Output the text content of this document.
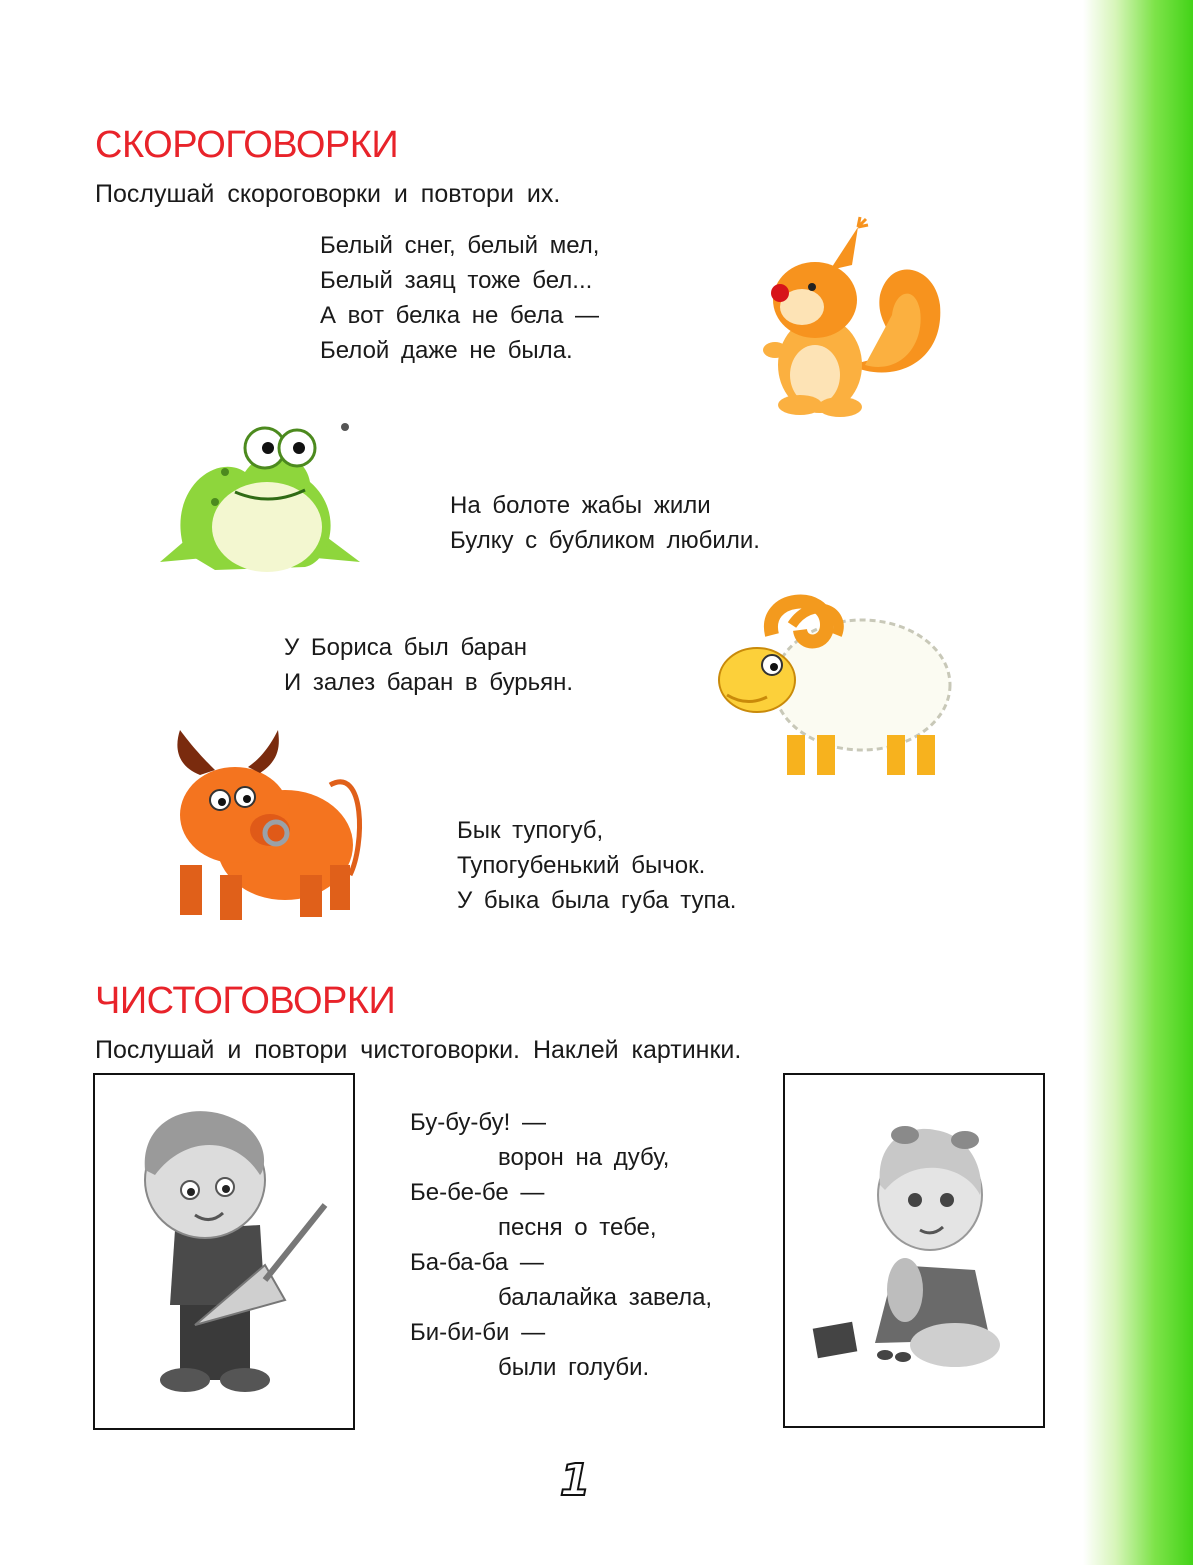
СКОРОГОВОРКИ

Послушай скороговорки и повтори их.

Белый снег, белый мел,
Белый заяц тоже бел...
А вот белка не бела —
Белой даже не была.
На болоте жабы жили
Булку с бубликом любили.
У Бориса был баран
И залез баран в бурьян.
Бык тупогуб,
Тупогубенький бычок.
У быка была губа тупа.
ЧИСТОГОВОРКИ

Послушай и повтори чистоговорки. Наклей картинки.

Бу-бу-бу! —
ворон на дубу,
Бе-бе-бе —
песня о тебе,
Ба-ба-ба —
балалайка завела,
Би-би-би —
были голуби.
1
